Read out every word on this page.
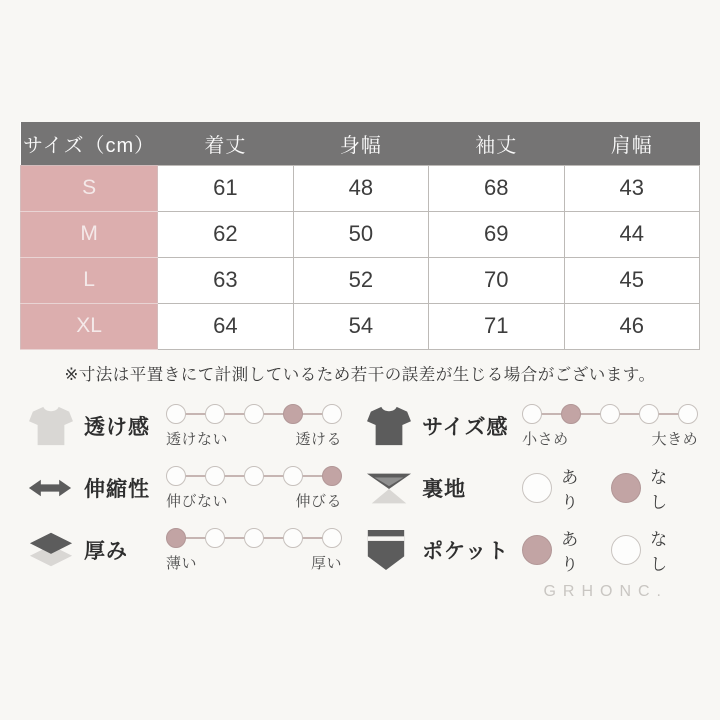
サイズ（cm）	着丈	身幅	袖丈	肩幅
S	61	48	68	43
M	62	50	69	44
L	63	52	70	45
XL	64	54	71	46

※寸法は平置きにて計測しているため若干の誤差が生じる場合がございます。

透け感
透けない	透ける
伸縮性
伸びない	伸びる
厚み
薄い	厚い
サイズ感
小さめ	大きめ
裏地
あり
なし
ポケット
あり
なし
GRHONC.
